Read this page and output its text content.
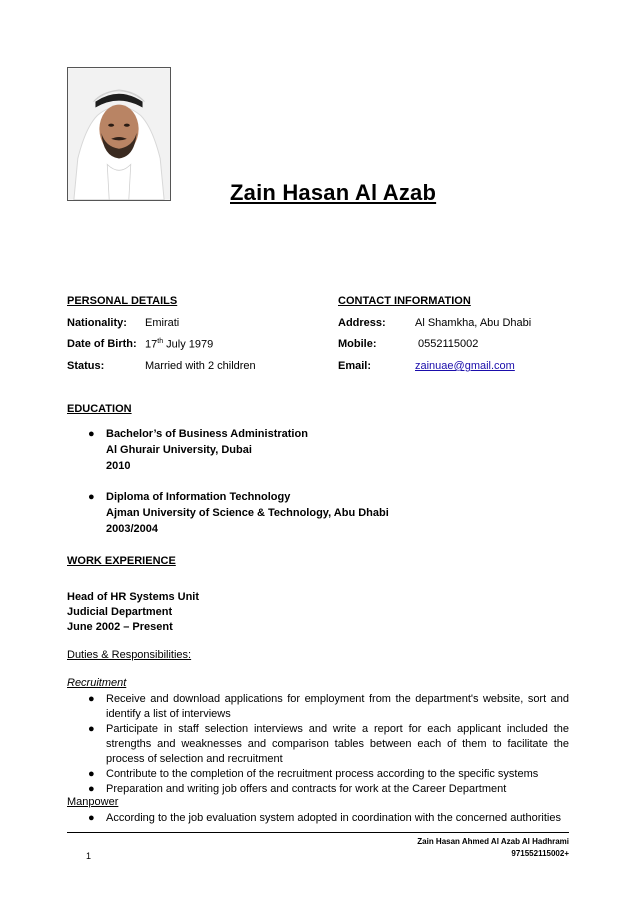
Zain Hasan Al Azab
PERSONAL DETAILS
Nationality: Emirati
Date of Birth: 17th July 1979
Status:	Married with 2 children
CONTACT INFORMATION
Address:	Al Shamkha, Abu Dhabi
Mobile:	0552115002
Email:	zainuae@gmail.com
EDUCATION
● Bachelor’s of Business Administration
Al Ghurair University, Dubai
2010
● Diploma of Information Technology
Ajman University of Science & Technology, Abu Dhabi
2003/2004
WORK EXPERIENCE
Head of HR Systems Unit
Judicial Department
June 2002 – Present
Duties & Responsibilities:
Recruitment
● Receive and download applications for employment from the department's website, sort and identify a list of interviews
● Participate in staff selection interviews and write a report for each applicant included the strengths and weaknesses and comparison tables between each of them to facilitate the process of selection and recruitment
● Contribute to the completion of the recruitment process according to the specific systems
● Preparation and writing job offers and contracts for work at the Career Department
Manpower
● According to the job evaluation system adopted in coordination with the concerned authorities
Zain Hasan Ahmed Al Azab Al Hadhrami
971552115002+
1
